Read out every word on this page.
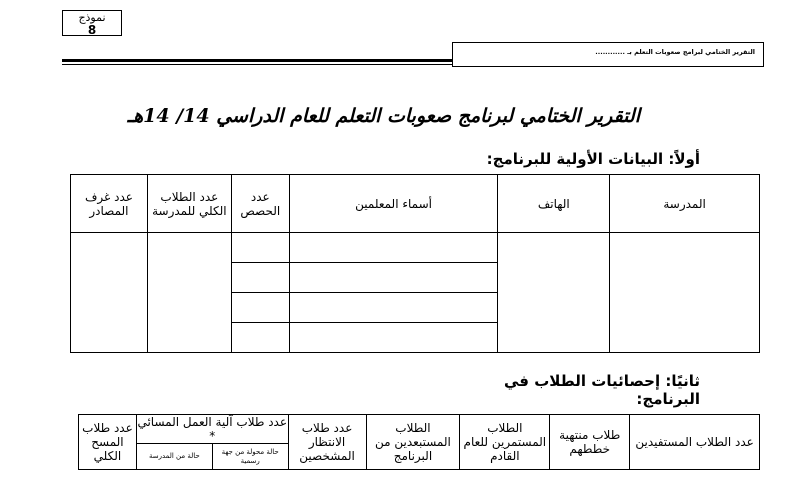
نموذج
8
التقرير الختامي لبرامج صعوبات التعلم بـ ............
التقرير الختامي لبرنامج صعوبات التعلم للعام الدراسي 14/ 14هـ
أولاً: البيانات الأولية للبرنامج:
عدد غرف المصادر	عدد الطلاب الكلي للمدرسة	عدد الحصص	أسماء المعلمين	الهاتف	المدرسة

ثانيًا: إحصائيات الطلاب في البرنامج:
عدد طلاب المسح الكلي	عدد طلاب آلية العمل المسائي *		عدد طلاب الانتظار المشخصين	الطلاب المستبعدين من البرنامج	الطلاب المستمرين للعام القادم	طلاب منتهية خططهم	عدد الطلاب المستفيدين
	حالة من المدرسة	حالة محولة من جهة رسمية					
